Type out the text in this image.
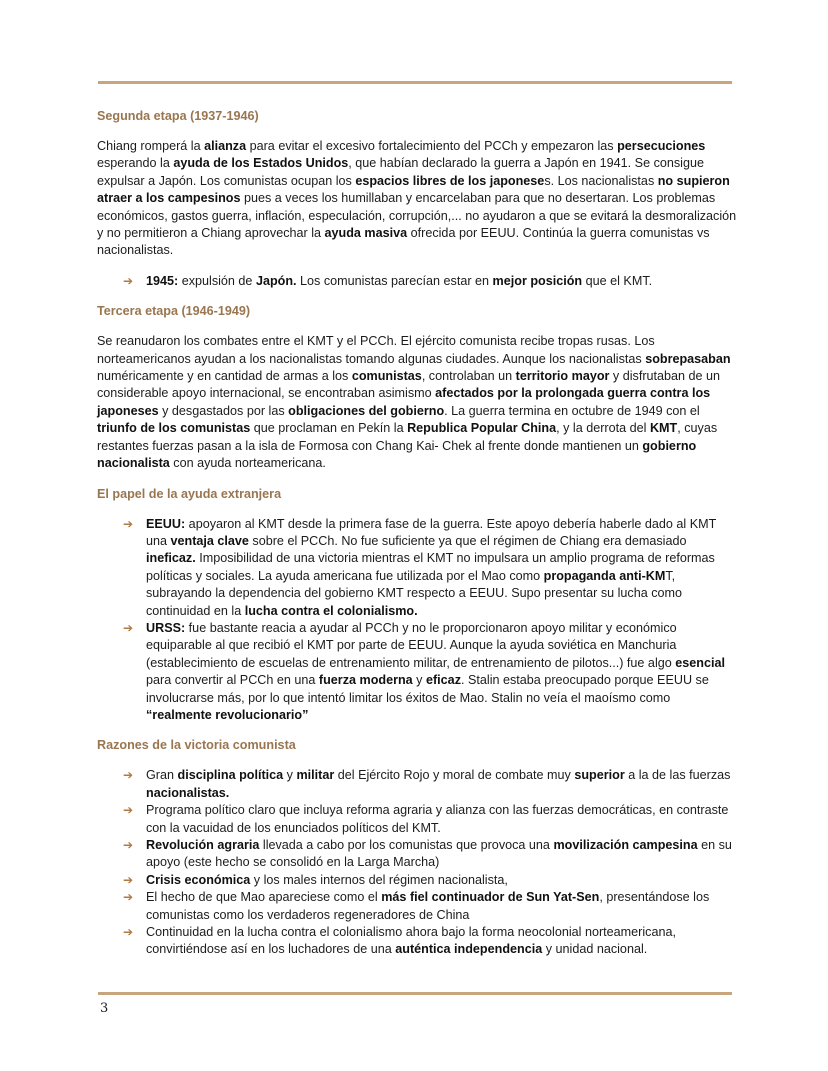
Segunda etapa (1937-1946)

Chiang romperá la alianza para evitar el excesivo fortalecimiento del PCCh y empezaron las persecuciones esperando la ayuda de los Estados Unidos, que habían declarado la guerra a Japón en 1941. Se consigue expulsar a Japón. Los comunistas ocupan los espacios libres de los japoneses. Los nacionalistas no supieron atraer a los campesinos pues a veces los humillaban y encarcelaban para que no desertaran. Los problemas económicos, gastos guerra, inflación, especulación, corrupción,... no ayudaron a que se evitará la desmoralización y no permitieron a Chiang aprovechar la ayuda masiva ofrecida por EEUU. Continúa la guerra comunistas vs nacionalistas.

➔ 1945: expulsión de Japón. Los comunistas parecían estar en mejor posición que el KMT.
Tercera etapa (1946-1949)

Se reanudaron los combates entre el KMT y el PCCh. El ejército comunista recibe tropas rusas. Los norteamericanos ayudan a los nacionalistas tomando algunas ciudades. Aunque los nacionalistas sobrepasaban numéricamente y en cantidad de armas a los comunistas, controlaban un territorio mayor y disfrutaban de un considerable apoyo internacional, se encontraban asimismo afectados por la prolongada guerra contra los japoneses y desgastados por las obligaciones del gobierno. La guerra termina en octubre de 1949 con el triunfo de los comunistas que proclaman en Pekín la Republica Popular China, y la derrota del KMT, cuyas restantes fuerzas pasan a la isla de Formosa con Chang Kai- Chek al frente donde mantienen un gobierno nacionalista con ayuda norteamericana.

El papel de la ayuda extranjera
➔ EEUU: apoyaron al KMT desde la primera fase de la guerra. Este apoyo debería haberle dado al KMT una ventaja clave sobre el PCCh. No fue suficiente ya que el régimen de Chiang era demasiado ineficaz. Imposibilidad de una victoria mientras el KMT no impulsara un amplio programa de reformas políticas y sociales. La ayuda americana fue utilizada por el Mao como propaganda anti-KMT, subrayando la dependencia del gobierno KMT respecto a EEUU. Supo presentar su lucha como continuidad en la lucha contra el colonialismo.
➔ URSS: fue bastante reacia a ayudar al PCCh y no le proporcionaron apoyo militar y económico equiparable al que recibió el KMT por parte de EEUU. Aunque la ayuda soviética en Manchuria (establecimiento de escuelas de entrenamiento militar, de entrenamiento de pilotos...) fue algo esencial para convertir al PCCh en una fuerza moderna y eficaz. Stalin estaba preocupado porque EEUU se involucrarse más, por lo que intentó limitar los éxitos de Mao. Stalin no veía el maoísmo como “realmente revolucionario”
Razones de la victoria comunista
➔ Gran disciplina política y militar del Ejército Rojo y moral de combate muy superior a la de las fuerzas nacionalistas.
➔ Programa político claro que incluya reforma agraria y alianza con las fuerzas democráticas, en contraste con la vacuidad de los enunciados políticos del KMT.
➔ Revolución agraria llevada a cabo por los comunistas que provoca una movilización campesina en su apoyo (este hecho se consolidó en la Larga Marcha)
➔ Crisis económica y los males internos del régimen nacionalista,
➔ El hecho de que Mao apareciese como el más fiel continuador de Sun Yat-Sen, presentándose los comunistas como los verdaderos regeneradores de China
➔ Continuidad en la lucha contra el colonialismo ahora bajo la forma neocolonial norteamericana, convirtiéndose así en los luchadores de una auténtica independencia y unidad nacional.
3
